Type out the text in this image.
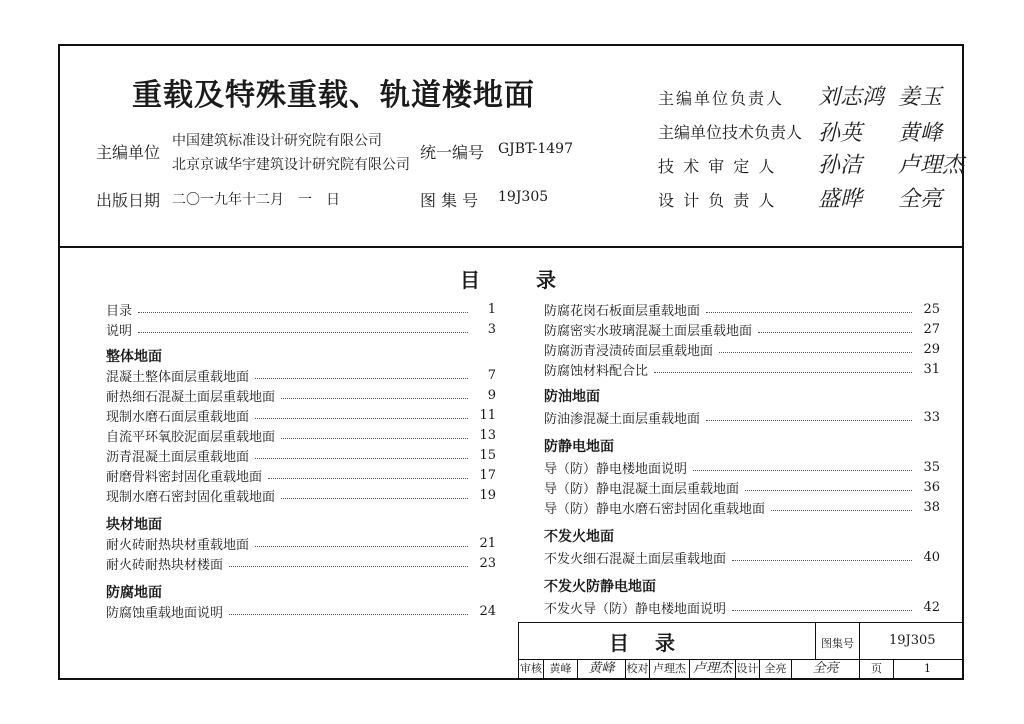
重载及特殊重载、轨道楼地面
主编单位
中国建筑标准设计研究院有限公司
北京京诚华宇建筑设计研究院有限公司
统一编号 GJBT-1497
出版日期 二〇一九年十二月　一　日	图 集 号 19J305
主编单位负责人 刘志鸿 姜玉
主编单位技术负责人 孙英 黄峰
技 术 审 定 人 孙洁 卢理杰
设 计 负 责 人 盛晔 全亮
目	录
目录	1
说明	3
整体地面
混凝土整体面层重载地面	7
耐热细石混凝土面层重载地面	9
现制水磨石面层重载地面	11
自流平环氧胶泥面层重载地面	13
沥青混凝土面层重载地面	15
耐磨骨料密封固化重载地面	17
现制水磨石密封固化重载地面	19
块材地面
耐火砖耐热块材重载地面	21
耐火砖耐热块材楼面	23
防腐地面
防腐蚀重载地面说明	24
防腐花岗石板面层重载地面	25
防腐密实水玻璃混凝土面层重载地面	27
防腐沥青浸渍砖面层重载地面	29
防腐蚀材料配合比	31
防油地面
防油渗混凝土面层重载地面	33
防静电地面
导（防）静电楼地面说明	35
导（防）静电混凝土面层重载地面	36
导（防）静电水磨石密封固化重载地面	38
不发火地面
不发火细石混凝土面层重载地面	40
不发火防静电地面
不发火导（防）静电楼地面说明	42
目 录	图集号	19J305
审核 黄峰	黄峰	校对 卢理杰 卢理杰 设计 全亮	全亮	页	1
